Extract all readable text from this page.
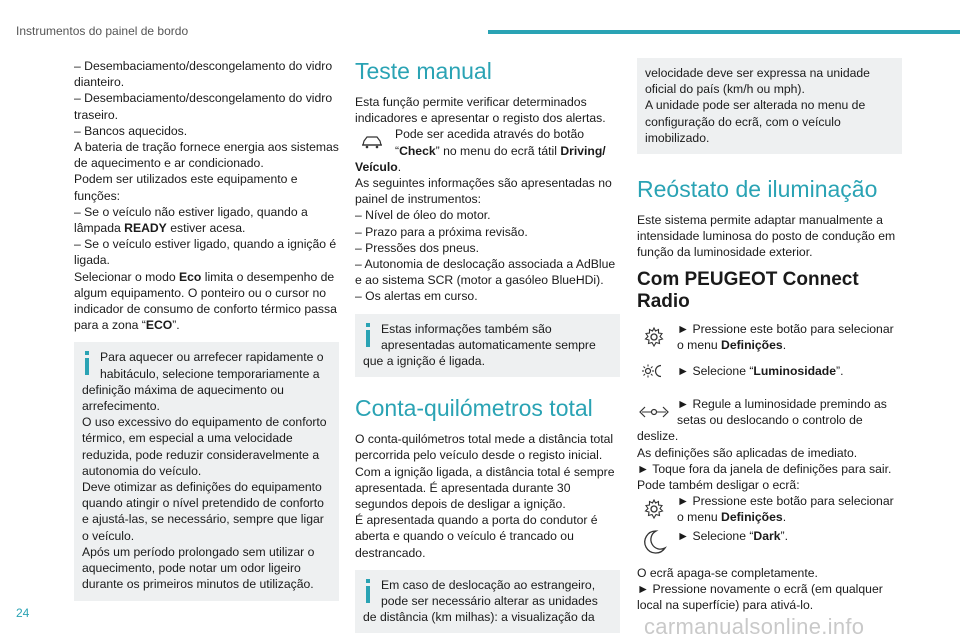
Instrumentos do painel de bordo

– Desembaciamento/descongelamento do vidro dianteiro.

– Desembaciamento/descongelamento do vidro traseiro.

– Bancos aquecidos.

A bateria de tração fornece energia aos sistemas de aquecimento e ar condicionado.

Podem ser utilizados este equipamento e funções:

– Se o veículo não estiver ligado, quando a lâmpada READY estiver acesa.

– Se o veículo estiver ligado, quando a ignição é ligada.

Selecionar o modo Eco limita o desempenho de algum equipamento. O ponteiro ou o cursor no indicador de consumo de conforto térmico passa para a zona “ECO”.

Para aquecer ou arrefecer rapidamente o habitáculo, selecione temporariamente a definição máxima de aquecimento ou arrefecimento.

O uso excessivo do equipamento de conforto térmico, em especial a uma velocidade reduzida, pode reduzir consideravelmente a autonomia do veículo.

Deve otimizar as definições do equipamento quando atingir o nível pretendido de conforto e ajustá-las, se necessário, sempre que ligar o veículo.

Após um período prolongado sem utilizar o aquecimento, pode notar um odor ligeiro durante os primeiros minutos de utilização.

Teste manual

Esta função permite verificar determinados indicadores e apresentar o registo dos alertas.

Pode ser acedida através do botão “Check” no menu do ecrã tátil Driving/ Veículo.

As seguintes informações são apresentadas no painel de instrumentos:

– Nível de óleo do motor.

– Prazo para a próxima revisão.

– Pressões dos pneus.

– Autonomia de deslocação associada a AdBlue e ao sistema SCR (motor a gasóleo BlueHDi).

– Os alertas em curso.

Estas informações também são apresentadas automaticamente sempre que a ignição é ligada.

Conta-quilómetros total

O conta-quilómetros total mede a distância total percorrida pelo veículo desde o registo inicial.

Com a ignição ligada, a distância total é sempre apresentada. É apresentada durante 30 segundos depois de desligar a ignição.

É apresentada quando a porta do condutor é aberta e quando o veículo é trancado ou destrancado.

Em caso de deslocação ao estrangeiro, pode ser necessário alterar as unidades de distância (km milhas): a visualização da

velocidade deve ser expressa na unidade oficial do país (km/h ou mph).

A unidade pode ser alterada no menu de configuração do ecrã, com o veículo imobilizado.

Reóstato de iluminação

Este sistema permite adaptar manualmente a intensidade luminosa do posto de condução em função da luminosidade exterior.

Com PEUGEOT Connect Radio

► Pressione este botão para selecionar o menu Definições.

► Selecione “Luminosidade”.

► Regule a luminosidade premindo as setas ou deslocando o controlo de deslize.

As definições são aplicadas de imediato.

► Toque fora da janela de definições para sair.

Pode também desligar o ecrã:

► Pressione este botão para selecionar o menu Definições.

► Selecione “Dark”.

O ecrã apaga-se completamente.

► Pressione novamente o ecrã (em qualquer local na superfície) para ativá-lo.

24
carmanualsonline.info
